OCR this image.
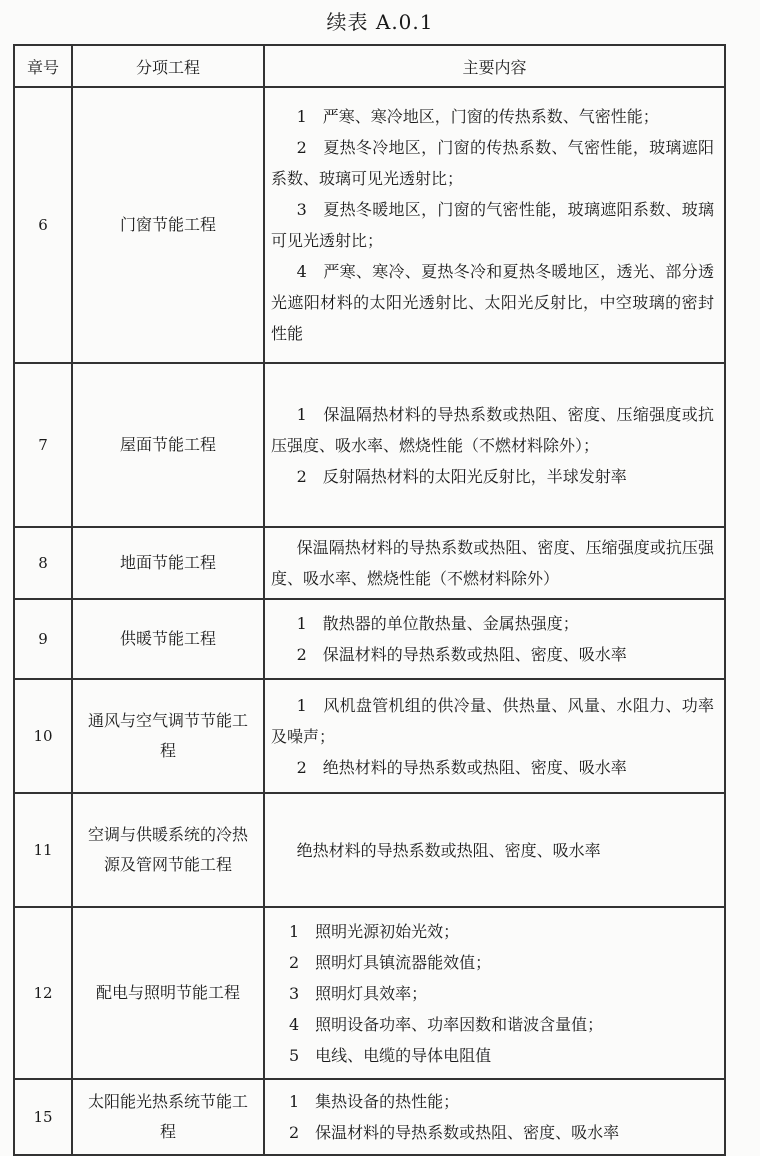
续表 A.0.1
章号	分项工程	主要内容
6	门窗节能工程	1　严寒、寒冷地区，门窗的传热系数、气密性能；
2　夏热冬冷地区，门窗的传热系数、气密性能，玻璃遮阳系数、玻璃可见光透射比；
3　夏热冬暖地区，门窗的气密性能，玻璃遮阳系数、玻璃可见光透射比；
4　严寒、寒冷、夏热冬冷和夏热冬暖地区，透光、部分透光遮阳材料的太阳光透射比、太阳光反射比，中空玻璃的密封性能

7	屋面节能工程	1　保温隔热材料的导热系数或热阻、密度、压缩强度或抗压强度、吸水率、燃烧性能（不燃材料除外）；
2　反射隔热材料的太阳光反射比，半球发射率

8	地面节能工程	保温隔热材料的导热系数或热阻、密度、压缩强度或抗压强度、吸水率、燃烧性能（不燃材料除外）

9	供暖节能工程	1　散热器的单位散热量、金属热强度；
2　保温材料的导热系数或热阻、密度、吸水率

10	通风与空气调节节能工程	1　风机盘管机组的供冷量、供热量、风量、水阻力、功率及噪声；
2　绝热材料的导热系数或热阻、密度、吸水率

11	空调与供暖系统的冷热源及管网节能工程	绝热材料的导热系数或热阻、密度、吸水率

12	配电与照明节能工程	1　照明光源初始光效；
2　照明灯具镇流器能效值；
3　照明灯具效率；
4　照明设备功率、功率因数和谐波含量值；
5　电线、电缆的导体电阻值

15	太阳能光热系统节能工程	1　集热设备的热性能；
2　保温材料的导热系数或热阻、密度、吸水率
